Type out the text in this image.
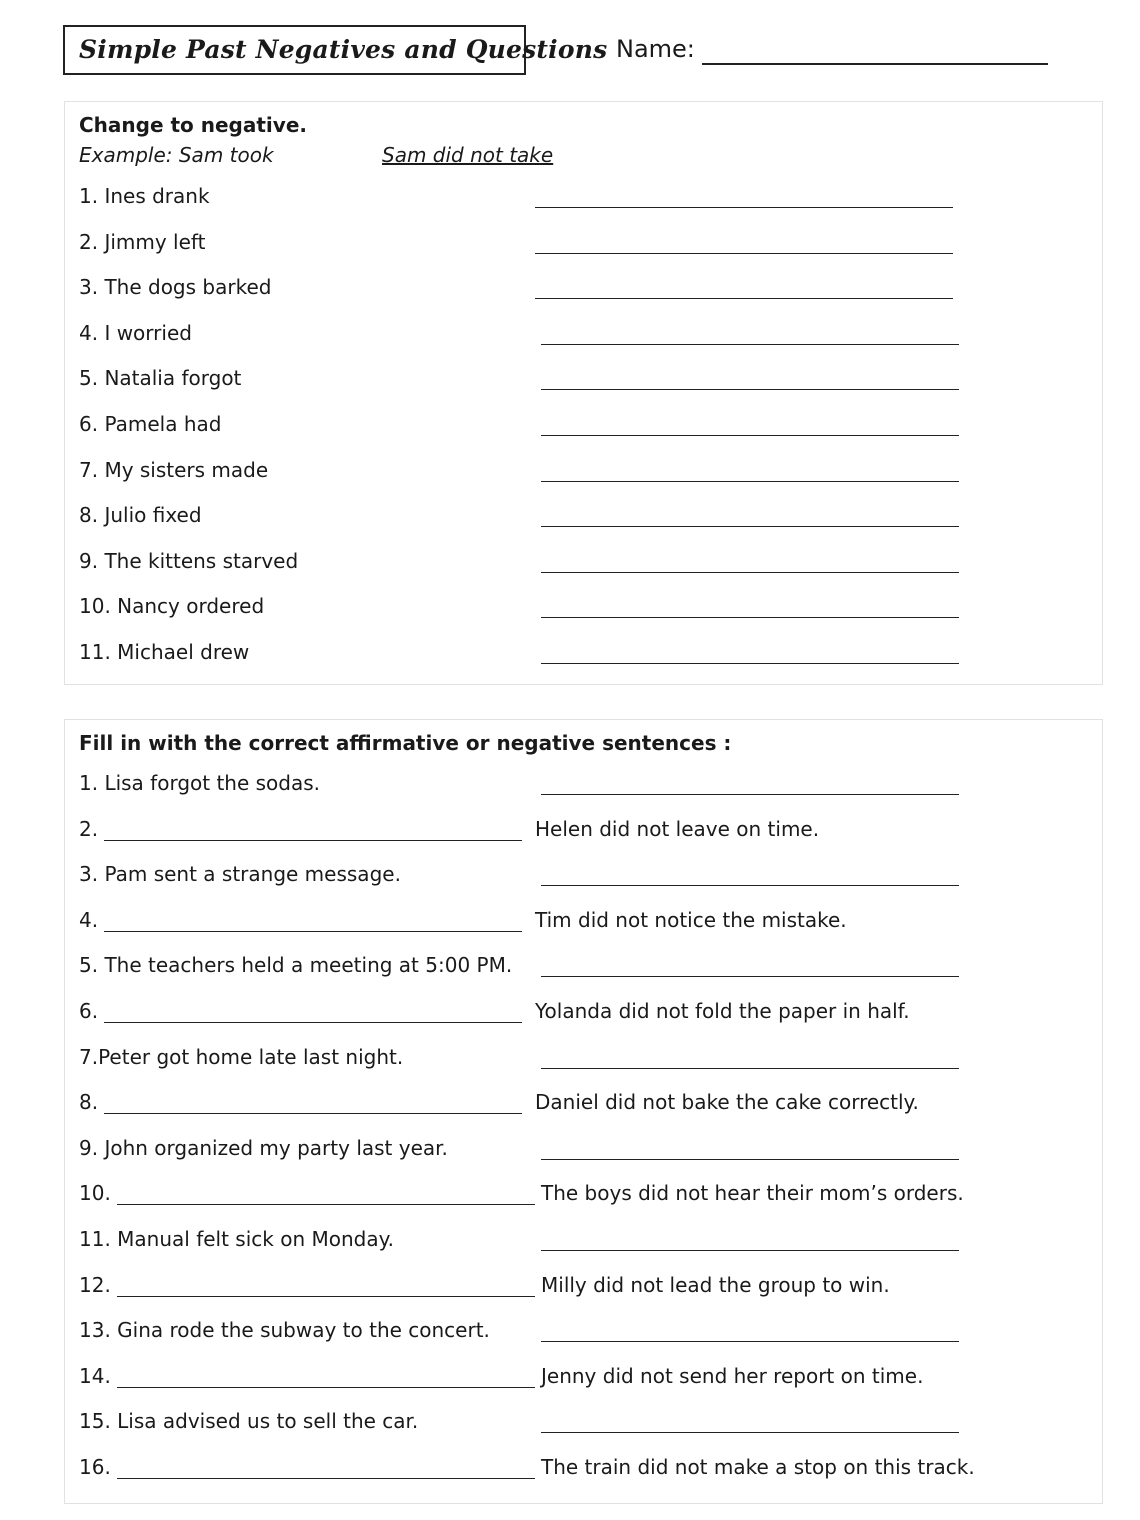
Simple Past Negatives and Questions Name:
Change to negative.
Example: Sam took	Sam did not take
1. Ines drank
2. Jimmy left
3. The dogs barked
4. I worried
5. Natalia forgot
6. Pamela had
7. My sisters made
8. Julio fixed
9. The kittens starved
10. Nancy ordered
11. Michael drew
Fill in with the correct affirmative or negative sentences :
1. Lisa forgot the sodas.
2.	Helen did not leave on time.
3. Pam sent a strange message.
4.	Tim did not notice the mistake.
5. The teachers held a meeting at 5:00 PM.
6.	Yolanda did not fold the paper in half.
7.Peter got home late last night.
8.	Daniel did not bake the cake correctly.
9. John organized my party last year.
10.	The boys did not hear their mom’s orders.
11. Manual felt sick on Monday.
12.	Milly did not lead the group to win.
13. Gina rode the subway to the concert.
14.	Jenny did not send her report on time.
15. Lisa advised us to sell the car.
16.	The train did not make a stop on this track.
